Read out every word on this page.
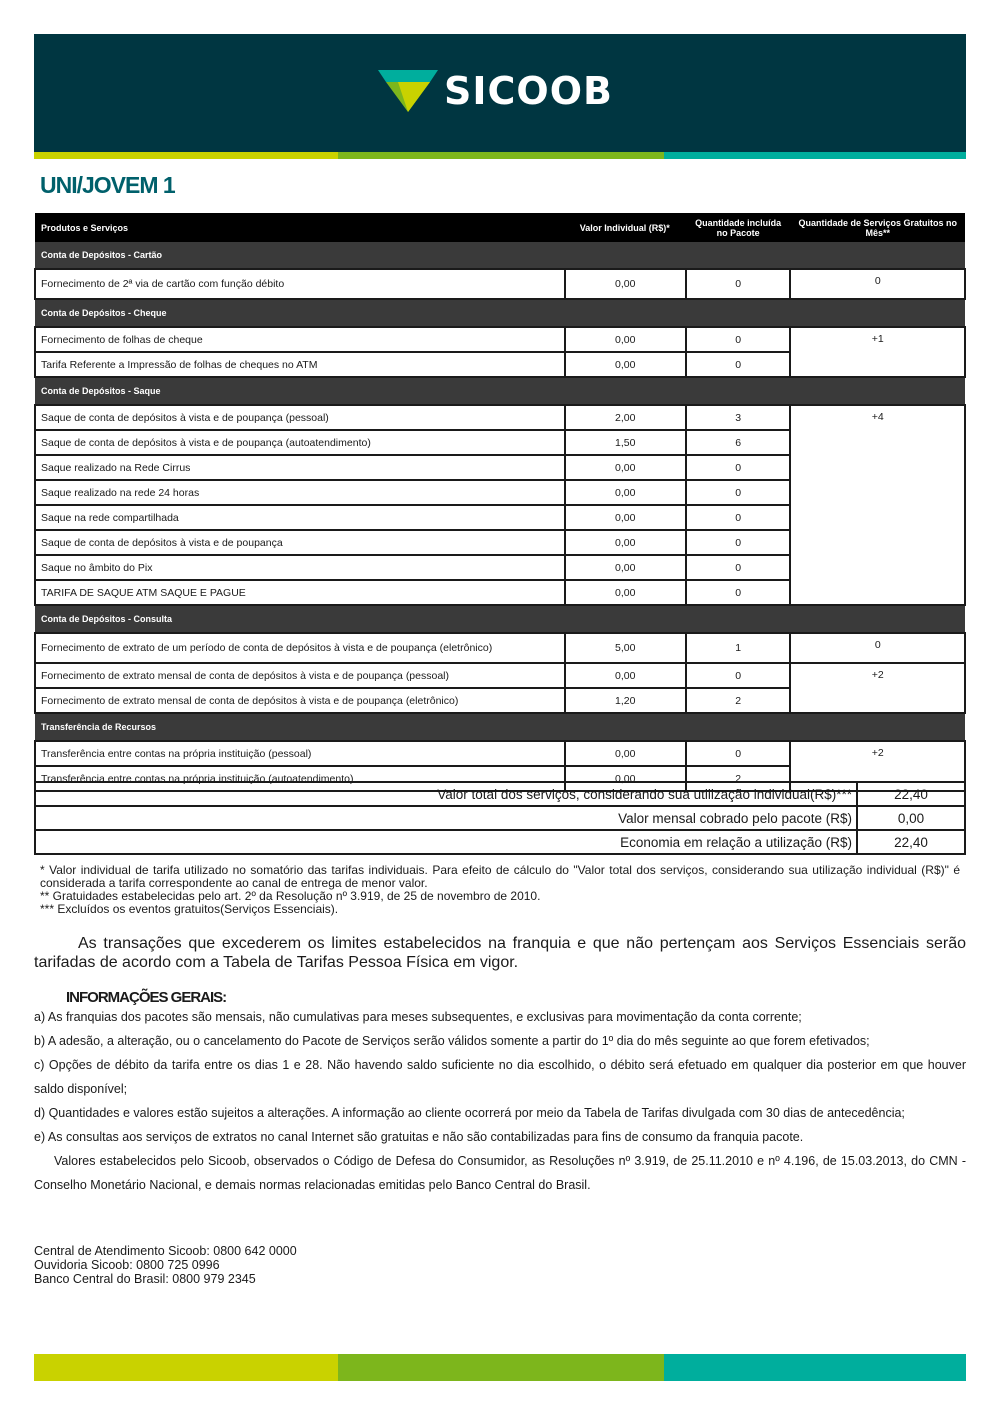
SICOOB
UNI/JOVEM 1
Produtos e Serviços	Valor Individual (R$)*	Quantidade incluída no Pacote	Quantidade de Serviços Gratuitos no Mês**
Conta de Depósitos - Cartão			
Fornecimento de 2ª via de cartão com função débito	0,00	0	0
Conta de Depósitos - Cheque			
Fornecimento de folhas de cheque	0,00	0	+1
Tarifa Referente a Impressão de folhas de cheques no ATM	0,00	0	
Conta de Depósitos - Saque			
Saque de conta de depósitos à vista e de poupança (pessoal)	2,00	3	+4
Saque de conta de depósitos à vista e de poupança (autoatendimento)	1,50	6	
Saque realizado na Rede Cirrus	0,00	0	
Saque realizado na rede 24 horas	0,00	0	
Saque na rede compartilhada	0,00	0	
Saque de conta de depósitos à vista e de poupança	0,00	0	
Saque no âmbito do Pix	0,00	0	
TARIFA DE SAQUE ATM SAQUE E PAGUE	0,00	0	
Conta de Depósitos - Consulta			
Fornecimento de extrato de um período de conta de depósitos à vista e de poupança (eletrônico)	5,00	1	0
Fornecimento de extrato mensal de conta de depósitos à vista e de poupança (pessoal)	0,00	0	+2
Fornecimento de extrato mensal de conta de depósitos à vista e de poupança (eletrônico)	1,20	2	
Transferência de Recursos			
Transferência entre contas na própria instituição (pessoal)	0,00	0	+2
Transferência entre contas na própria instituição (autoatendimento)	0,00	2	
Valor total dos serviços, considerando sua utilização individual(R$)***	22,40
Valor mensal cobrado pelo pacote (R$)	0,00
Economia em relação a utilização (R$)	22,40

* Valor individual de tarifa utilizado no somatório das tarifas individuais. Para efeito de cálculo do "Valor total dos serviços, considerando sua utilização individual (R$)" é considerada a tarifa correspondente ao canal de entrega de menor valor.

** Gratuidades estabelecidas pelo art. 2º da Resolução nº 3.919, de 25 de novembro de 2010.

*** Excluídos os eventos gratuitos(Serviços Essenciais).

As transações que excederem os limites estabelecidos na franquia e que não pertençam aos Serviços Essenciais serão tarifadas de acordo com a Tabela de Tarifas Pessoa Física em vigor.
INFORMAÇÕES GERAIS:

a) As franquias dos pacotes são mensais, não cumulativas para meses subsequentes, e exclusivas para movimentação da conta corrente;

b) A adesão, a alteração, ou o cancelamento do Pacote de Serviços serão válidos somente a partir do 1º dia do mês seguinte ao que forem efetivados;

c) Opções de débito da tarifa entre os dias 1 e 28. Não havendo saldo suficiente no dia escolhido, o débito será efetuado em qualquer dia posterior em que houver saldo disponível;

d) Quantidades e valores estão sujeitos a alterações. A informação ao cliente ocorrerá por meio da Tabela de Tarifas divulgada com 30 dias de antecedência;

e) As consultas aos serviços de extratos no canal Internet são gratuitas e não são contabilizadas para fins de consumo da franquia pacote.

Valores estabelecidos pelo Sicoob, observados o Código de Defesa do Consumidor, as Resoluções nº 3.919, de 25.11.2010 e nº 4.196, de 15.03.2013, do CMN - Conselho Monetário Nacional, e demais normas relacionadas emitidas pelo Banco Central do Brasil.

Central de Atendimento Sicoob: 0800 642 0000
Ouvidoria Sicoob: 0800 725 0996
Banco Central do Brasil: 0800 979 2345
